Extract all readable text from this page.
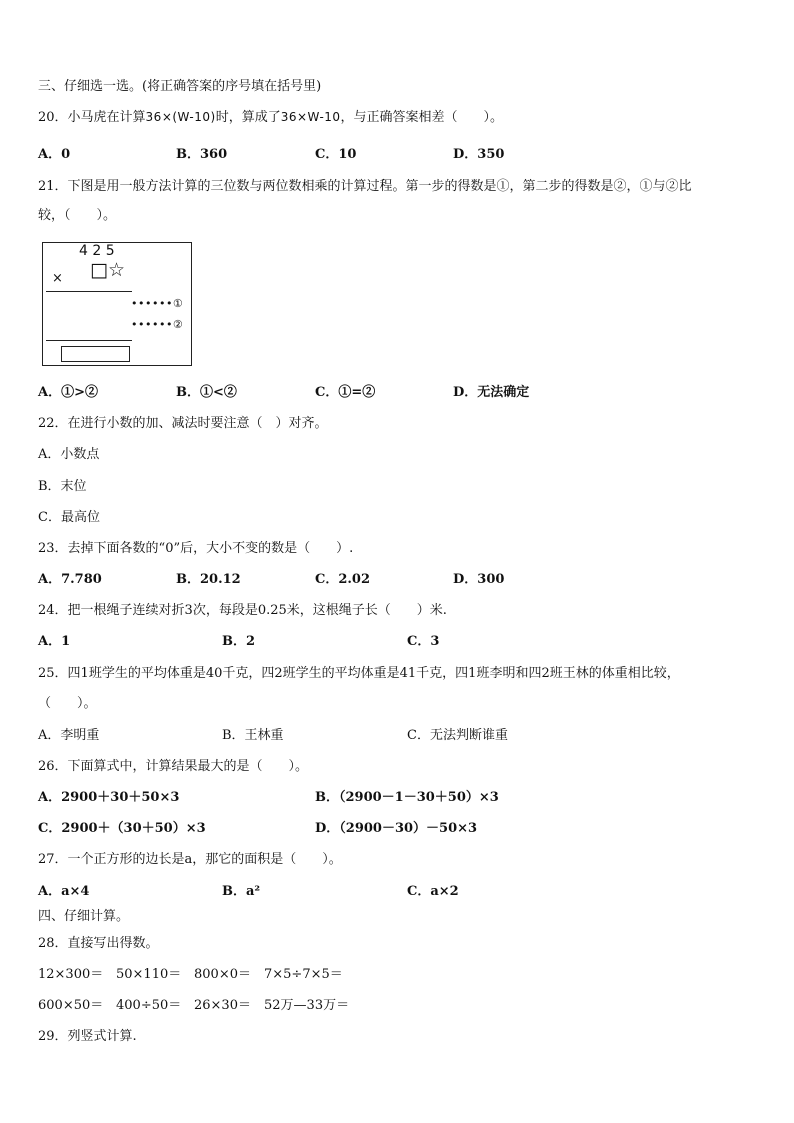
三、仔细选一选。(将正确答案的序号填在括号里)
20．小马虎在计算36×(W-10)时，算成了36×W-10，与正确答案相差（　　）。
A．0	B．360	C．10	D．350
21．下图是用一般方法计算的三位数与两位数相乘的计算过程。第一步的得数是①，第二步的得数是②，①与②比
较，（　　）。
4 2 5
× □ ☆
••••••①
••••••②
A．①>②	B．①<②	C．①=②	D．无法确定
22．在进行小数的加、减法时要注意（　）对齐。
A．小数点
B．末位
C．最高位
23．去掉下面各数的“0”后，大小不变的数是（　　）.
A．7.780	B．20.12	C．2.02	D．300
24．把一根绳子连续对折3次，每段是0.25米，这根绳子长（　　）米.
A．1	B．2	C．3
25．四1班学生的平均体重是40千克，四2班学生的平均体重是41千克，四1班李明和四2班王林的体重相比较，
（　　）。
A．李明重	B．王林重	C．无法判断谁重
26．下面算式中，计算结果最大的是（　　）。
A．2900＋30＋50×3	B．（2900－1－30＋50）×3
C．2900＋（30＋50）×3	D．（2900－30）－50×3
27．一个正方形的边长是a，那它的面积是（　　）。
A．a×4	B．a²	C．a×2
四、仔细计算。
28．直接写出得数。
12×300＝ 50×110＝ 800×0＝ 7×5÷7×5＝
600×50＝ 400÷50＝ 26×30＝ 52万—33万＝
29．列竖式计算.
